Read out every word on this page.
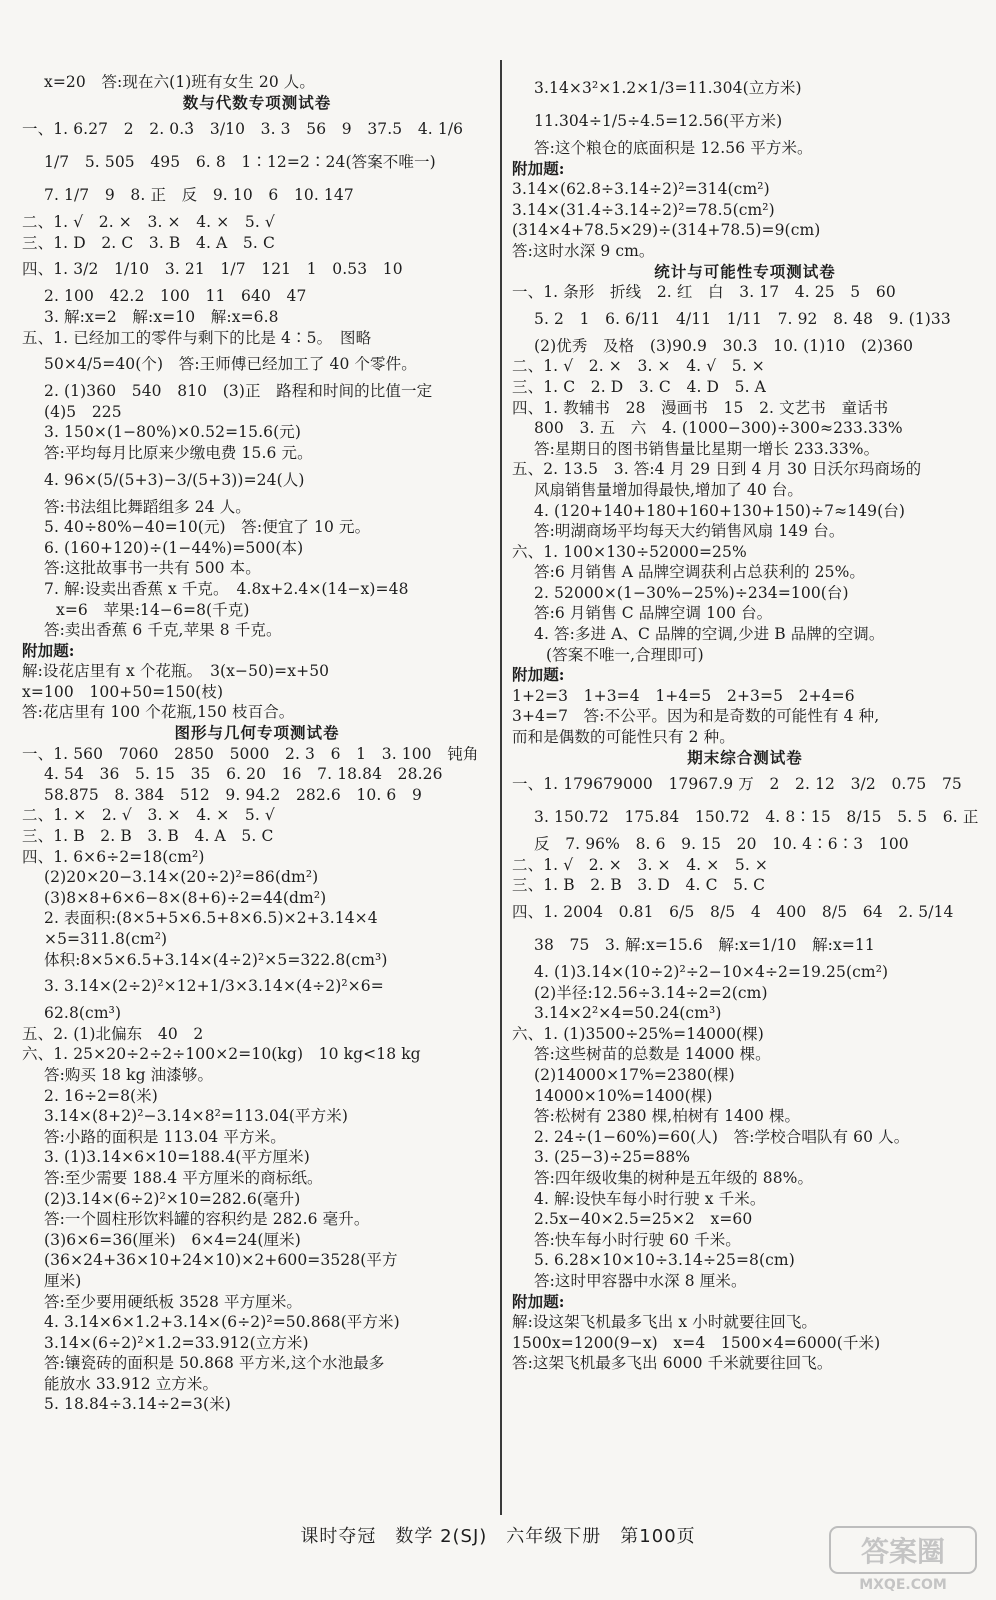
x=20　答:现在六(1)班有女生 20 人。
数与代数专项测试卷
一、1. 6.27　2　2. 0.3̇　3/10　3. 3　56　9　37.5　4. 1/6
1/7　5. 505　495　6. 8　1∶12=2∶24(答案不唯一)
7. 1/7　9　8. 正　反　9. 10　6　10. 147
二、1. √　2. ×　3. ×　4. ×　5. √
三、1. D　2. C　3. B　4. A　5. C
四、1. 3/2　1/10　3. 21　1/7　121　1　0.53　10
2. 100　42.2　100　11　640　47
3. 解:x=2　解:x=10　解:x=6.8
五、1. 已经加工的零件与剩下的比是 4∶5。　图略
50×4/5=40(个)　答:王师傅已经加工了 40 个零件。
2. (1)360　540　810　(3)正　路程和时间的比值一定
(4)5　225
3. 150×(1−80%)×0.52=15.6(元)
答:平均每月比原来少缴电费 15.6 元。
4. 96×(5/(5+3)−3/(5+3))=24(人)
答:书法组比舞蹈组多 24 人。
5. 40÷80%−40=10(元)　答:便宜了 10 元。
6. (160+120)÷(1−44%)=500(本)
答:这批故事书一共有 500 本。
7. 解:设卖出香蕉 x 千克。　4.8x+2.4×(14−x)=48
x=6　苹果:14−6=8(千克)
答:卖出香蕉 6 千克,苹果 8 千克。
附加题:
解:设花店里有 x 个花瓶。　3(x−50)=x+50
x=100　100+50=150(枝)
答:花店里有 100 个花瓶,150 枝百合。
图形与几何专项测试卷
一、1. 560　7060　2850　5000　2. 3　6　1　3. 100　钝角
4. 54　36　5. 15　35　6. 20　16　7. 18.84　28.26
58.875　8. 384　512　9. 94.2　282.6　10. 6　9
二、1. ×　2. √　3. ×　4. ×　5. √
三、1. B　2. B　3. B　4. A　5. C
四、1. 6×6÷2=18(cm²)
(2)20×20−3.14×(20÷2)²=86(dm²)
(3)8×8+6×6−8×(8+6)÷2=44(dm²)
2. 表面积:(8×5+5×6.5+8×6.5)×2+3.14×4
×5=311.8(cm²)
体积:8×5×6.5+3.14×(4÷2)²×5=322.8(cm³)
3. 3.14×(2÷2)²×12+1/3×3.14×(4÷2)²×6=
62.8(cm³)
五、2. (1)北偏东　40　2
六、1. 25×20÷2÷2÷100×2=10(kg)　10 kg<18 kg
答:购买 18 kg 油漆够。
2. 16÷2=8(米)
3.14×(8+2)²−3.14×8²=113.04(平方米)
答:小路的面积是 113.04 平方米。
3. (1)3.14×6×10=188.4(平方厘米)
答:至少需要 188.4 平方厘米的商标纸。
(2)3.14×(6÷2)²×10=282.6(毫升)
答:一个圆柱形饮料罐的容积约是 282.6 毫升。
(3)6×6=36(厘米)　6×4=24(厘米)
(36×24+36×10+24×10)×2+600=3528(平方
厘米)
答:至少要用硬纸板 3528 平方厘米。
4. 3.14×6×1.2+3.14×(6÷2)²=50.868(平方米)
3.14×(6÷2)²×1.2=33.912(立方米)
答:镶瓷砖的面积是 50.868 平方米,这个水池最多
能放水 33.912 立方米。
5. 18.84÷3.14÷2=3(米)
3.14×3²×1.2×1/3=11.304(立方米)
11.304÷1/5÷4.5=12.56(平方米)
答:这个粮仓的底面积是 12.56 平方米。
附加题:
3.14×(62.8÷3.14÷2)²=314(cm²)
3.14×(31.4÷3.14÷2)²=78.5(cm²)
(314×4+78.5×29)÷(314+78.5)=9(cm)
答:这时水深 9 cm。
统计与可能性专项测试卷
一、1. 条形　折线　2. 红　白　3. 17　4. 25　5　60
5. 2　1　6. 6/11　4/11　1/11　7. 92　8. 48　9. (1)33
(2)优秀　及格　(3)90.9　30.3　10. (1)10　(2)360
二、1. √　2. ×　3. ×　4. √　5. ×
三、1. C　2. D　3. C　4. D　5. A
四、1. 教辅书　28　漫画书　15　2. 文艺书　童话书
800　3. 五　六　4. (1000−300)÷300≈233.33%
答:星期日的图书销售量比星期一增长 233.33%。
五、2. 13.5　3. 答:4 月 29 日到 4 月 30 日沃尔玛商场的
风扇销售量增加得最快,增加了 40 台。
4. (120+140+180+160+130+150)÷7≈149(台)
答:明湖商场平均每天大约销售风扇 149 台。
六、1. 100×130÷52000=25%
答:6 月销售 A 品牌空调获利占总获利的 25%。
2. 52000×(1−30%−25%)÷234=100(台)
答:6 月销售 C 品牌空调 100 台。
4. 答:多进 A、C 品牌的空调,少进 B 品牌的空调。
(答案不唯一,合理即可)
附加题:
1+2=3　1+3=4　1+4=5　2+3=5　2+4=6
3+4=7　答:不公平。因为和是奇数的可能性有 4 种,
而和是偶数的可能性只有 2 种。
期末综合测试卷
一、1. 179679000　17967.9 万　2　2. 12　3/2　0.75　75
3. 150.72　175.84　150.72　4. 8∶15　8/15　5. 5　6. 正
反　7. 96%　8. 6　9. 15　20　10. 4∶6∶3　100
二、1. √　2. ×　3. ×　4. ×　5. ×
三、1. B　2. B　3. D　4. C　5. C
四、1. 2004　0.81　6/5　8/5　4　400　8/5　64　2. 5/14
38　75　3. 解:x=15.6　解:x=1/10　解:x=11
4. (1)3.14×(10÷2)²÷2−10×4÷2=19.25(cm²)
(2)半径:12.56÷3.14÷2=2(cm)
3.14×2²×4=50.24(cm³)
六、1. (1)3500÷25%=14000(棵)
答:这些树苗的总数是 14000 棵。
(2)14000×17%=2380(棵)
14000×10%=1400(棵)
答:松树有 2380 棵,柏树有 1400 棵。
2. 24÷(1−60%)=60(人)　答:学校合唱队有 60 人。
3. (25−3)÷25=88%
答:四年级收集的树种是五年级的 88%。
4. 解:设快车每小时行驶 x 千米。
2.5x−40×2.5=25×2　x=60
答:快车每小时行驶 60 千米。
5. 6.28×10×10÷3.14÷25=8(cm)
答:这时甲容器中水深 8 厘米。
附加题:
解:设这架飞机最多飞出 x 小时就要往回飞。
1500x=1200(9−x)　x=4　1500×4=6000(千米)
答:这架飞机最多飞出 6000 千米就要往回飞。
课时夺冠　数学 2(SJ)　六年级下册　第100页	答案圈
MXQE.COM
